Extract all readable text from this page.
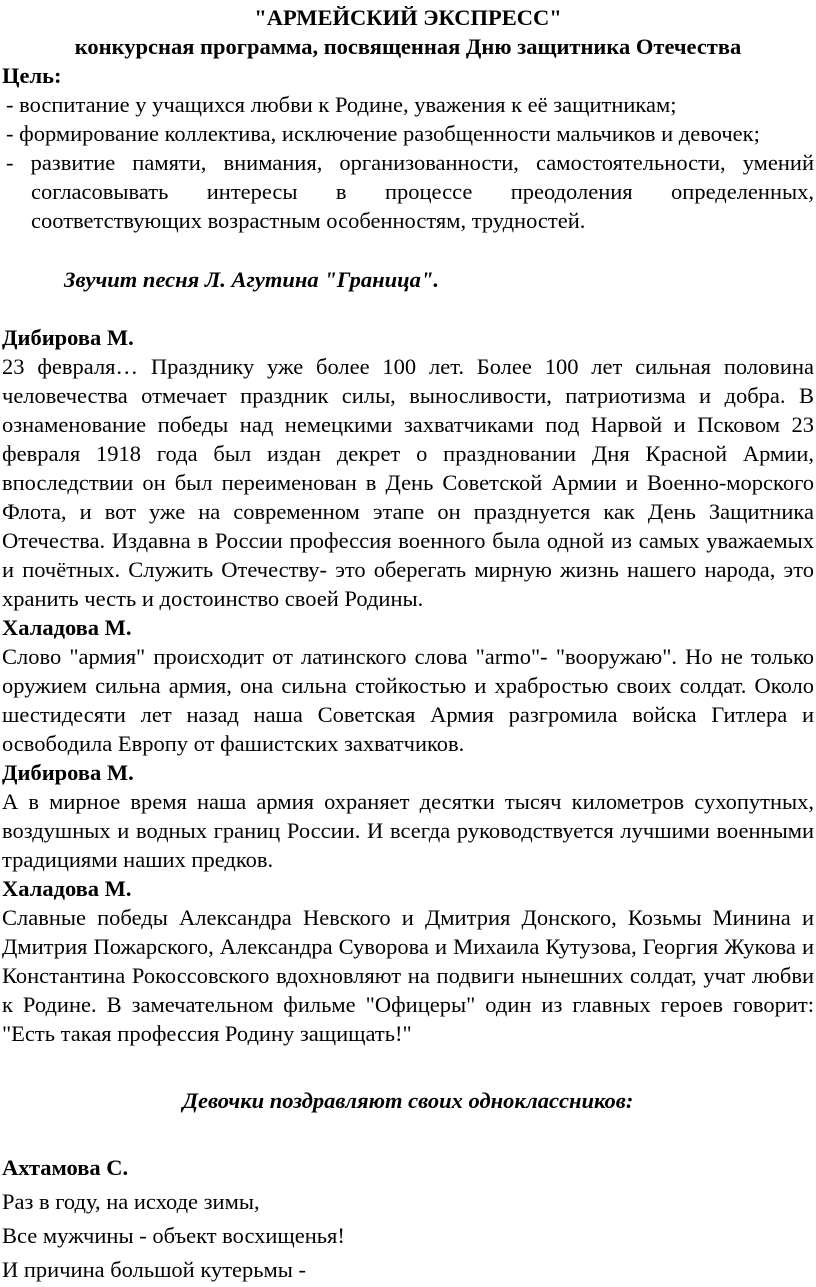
"АРМЕЙСКИЙ ЭКСПРЕСС"

конкурсная программа, посвященная Дню защитника Отечества

Цель:

- воспитание у учащихся любви к Родине, уважения к её защитникам;

- формирование коллектива, исключение разобщенности мальчиков и девочек;

- развитие памяти, внимания, организованности, самостоятельности, умений согласовывать интересы в процессе преодоления определенных, соответствующих возрастным особенностям, трудностей.

Звучит песня Л. Агутина "Граница".

Дибирова М.

23 февраля… Празднику уже более 100 лет. Более 100 лет сильная половина человечества отмечает праздник силы, выносливости, патриотизма и добра. В ознаменование победы над немецкими захватчиками под Нарвой и Псковом 23 февраля 1918 года был издан декрет о праздновании Дня Красной Армии, впоследствии он был переименован в День Советской Армии и Военно-морского Флота, и вот уже на современном этапе он празднуется как День Защитника Отечества. Издавна в России профессия военного была одной из самых уважаемых и почётных. Служить Отечеству- это оберегать мирную жизнь нашего народа, это хранить честь и достоинство своей Родины.

Халадова М.

Слово "армия" происходит от латинского слова "armo"- "вооружаю". Но не только оружием сильна армия, она сильна стойкостью и храбростью своих солдат. Около шестидесяти лет назад наша Советская Армия разгромила войска Гитлера и освободила Европу от фашистских захватчиков.

Дибирова М.

А в мирное время наша армия охраняет десятки тысяч километров сухопутных, воздушных и водных границ России. И всегда руководствуется лучшими военными традициями наших предков.

Халадова М.

Славные победы Александра Невского и Дмитрия Донского, Козьмы Минина и Дмитрия Пожарского, Александра Суворова и Михаила Кутузова, Георгия Жукова и Константина Рокоссовского вдохновляют на подвиги нынешних солдат, учат любви к Родине. В замечательном фильме "Офицеры" один из главных героев говорит: "Есть такая профессия Родину защищать!"

Девочки поздравляют своих одноклассников:

Ахтамова С.

Раз в году, на исходе зимы,

Все мужчины - объект восхищенья!

И причина большой кутерьмы -
